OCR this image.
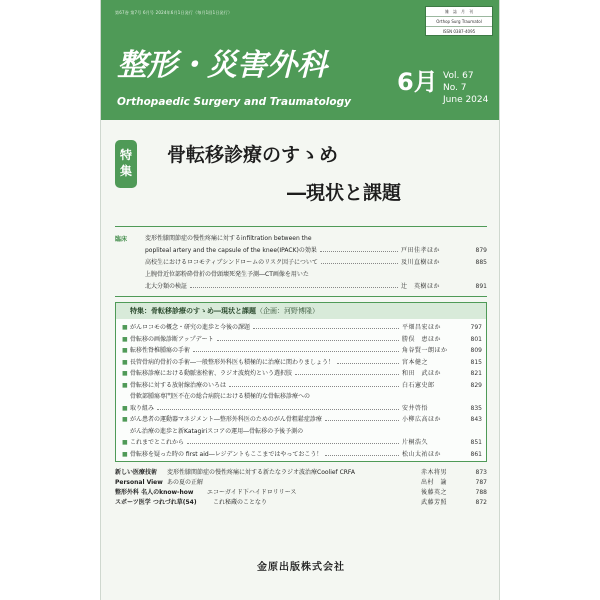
第67巻 第7号 6月号 2024年6月1日発行（毎月1回1日発行）	雑　誌　月　刊
Orthop Surg Traumatol
ISSN 0387-4095
整形・災害外科
Orthopaedic Surgery and Traumatology
6月 Vol. 67
No. 7
June 2024
特集
骨転移診療のすゝめ
―現状と課題
臨床	変形性膝関節症の慢性疼痛に対するinfiltration between the
popliteal artery and the capsule of the knee(IPACK)の効果	戸田佳孝ほか	879
高校生におけるロコモティブシンドロームのリスク因子について	及川直樹ほか	885
上腕骨近位部粉砕骨折の骨頭壊死発生予測―CT画像を用いた
北大分類の検証	辻　英樹ほか	891
特集：骨転移診療のすゝめ―現状と課題（企画：河野博隆）
■ がんロコモの概念・研究の進歩と今後の課題	平畑昌宏ほか	797
■ 骨転移の画像診断アップデート	勝俣　恵ほか	801
■ 転移性脊椎腫瘍の手術	角谷賢一朗ほか	809
■ 長管骨病的骨折の手術―一般整形外科医も積極的に治療に関わりましょう！	宮本健之	815
■ 骨転移診療における動脈塞栓術、ラジオ波焼灼という選択肢	和田　武ほか	821
■ 骨転移に対する放射線治療のいろは	白石憲史郎	829
骨軟部腫瘍専門医不在の総合病院における積極的な骨転移診療への
■ 取り組み	安井啓悟	835
■ がん患者の運動器マネジメント―整形外科医のためのがん骨粗鬆症診療	小柳広高ほか	843
がん治療の進歩と新Katagiriスコアの運用―骨転移の予後予測の
■ これまでとこれから	片桐浩久	851
■ 骨転移を疑った時の first aid―レジデントもここまではやっておこう！	松山太祐ほか	861
新しい医療技術 変形性膝関節症の慢性疼痛に対する新たなラジオ波治療Coolief CRFA	赤木将男	873
Personal View あの夏の正解	出村　諭	787
整形外科 名人のknow-how エコーガイド下ハイドロリリース	後藤英之	788
スポーツ医学 つれづれ草(54)	これ秘蔵のことなり	武藤芳照	872
金原出版株式会社
